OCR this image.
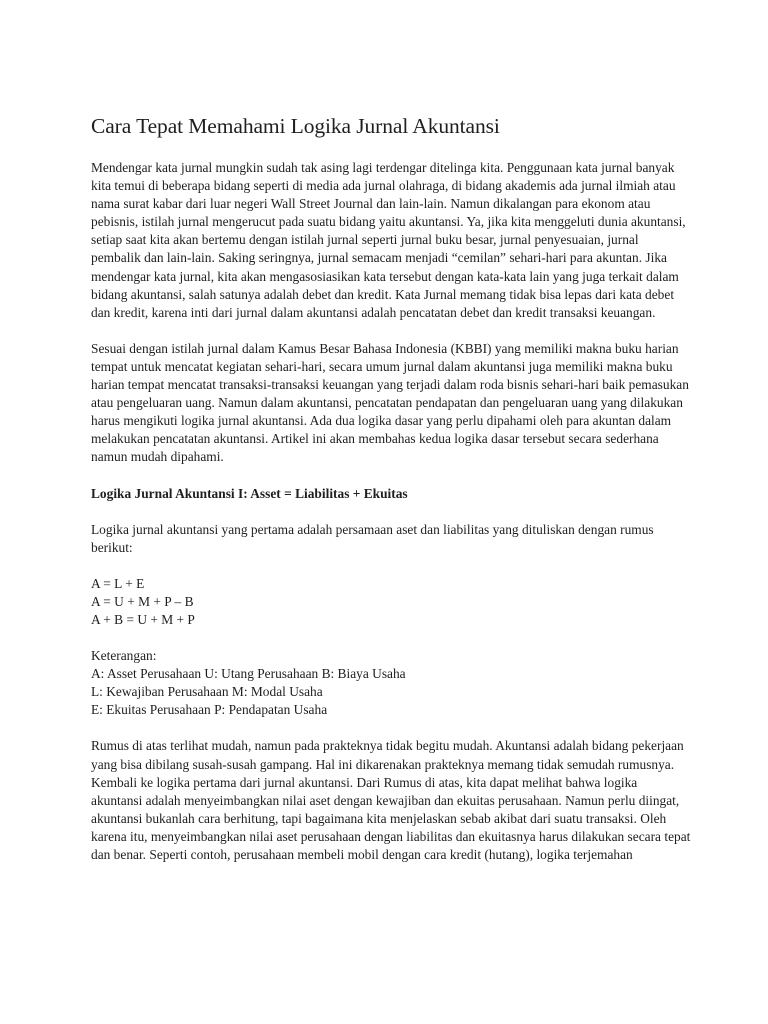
Cara Tepat Memahami Logika Jurnal Akuntansi

Mendengar kata jurnal mungkin sudah tak asing lagi terdengar ditelinga kita. Penggunaan kata jurnal banyak kita temui di beberapa bidang seperti di media ada jurnal olahraga, di bidang akademis ada jurnal ilmiah atau nama surat kabar dari luar negeri Wall Street Journal dan lain-lain. Namun dikalangan para ekonom atau pebisnis, istilah jurnal mengerucut pada suatu bidang yaitu akuntansi. Ya, jika kita menggeluti dunia akuntansi, setiap saat kita akan bertemu dengan istilah jurnal seperti jurnal buku besar, jurnal penyesuaian, jurnal pembalik dan lain-lain. Saking seringnya, jurnal semacam menjadi “cemilan” sehari-hari para akuntan. Jika mendengar kata jurnal, kita akan mengasosiasikan kata tersebut dengan kata-kata lain yang juga terkait dalam bidang akuntansi, salah satunya adalah debet dan kredit. Kata Jurnal memang tidak bisa lepas dari kata debet dan kredit, karena inti dari jurnal dalam akuntansi adalah pencatatan debet dan kredit transaksi keuangan.

Sesuai dengan istilah jurnal dalam Kamus Besar Bahasa Indonesia (KBBI) yang memiliki makna buku harian tempat untuk mencatat kegiatan sehari-hari, secara umum jurnal dalam akuntansi juga memiliki makna buku harian tempat mencatat transaksi-transaksi keuangan yang terjadi dalam roda bisnis sehari-hari baik pemasukan atau pengeluaran uang. Namun dalam akuntansi, pencatatan pendapatan dan pengeluaran uang yang dilakukan harus mengikuti logika jurnal akuntansi. Ada dua logika dasar yang perlu dipahami oleh para akuntan dalam melakukan pencatatan akuntansi. Artikel ini akan membahas kedua logika dasar tersebut secara sederhana namun mudah dipahami.

Logika Jurnal Akuntansi I: Asset = Liabilitas + Ekuitas

Logika jurnal akuntansi yang pertama adalah persamaan aset dan liabilitas yang dituliskan dengan rumus berikut:

A = L + E
A = U + M + P – B
A + B = U + M + P
Keterangan:
A: Asset Perusahaan U: Utang Perusahaan B: Biaya Usaha
L: Kewajiban Perusahaan M: Modal Usaha
E: Ekuitas Perusahaan P: Pendapatan Usaha

Rumus di atas terlihat mudah, namun pada prakteknya tidak begitu mudah. Akuntansi adalah bidang pekerjaan yang bisa dibilang susah-susah gampang. Hal ini dikarenakan prakteknya memang tidak semudah rumusnya. Kembali ke logika pertama dari jurnal akuntansi. Dari Rumus di atas, kita dapat melihat bahwa logika akuntansi adalah menyeimbangkan nilai aset dengan kewajiban dan ekuitas perusahaan. Namun perlu diingat, akuntansi bukanlah cara berhitung, tapi bagaimana kita menjelaskan sebab akibat dari suatu transaksi. Oleh karena itu, menyeimbangkan nilai aset perusahaan dengan liabilitas dan ekuitasnya harus dilakukan secara tepat dan benar. Seperti contoh, perusahaan membeli mobil dengan cara kredit (hutang), logika terjemahan
